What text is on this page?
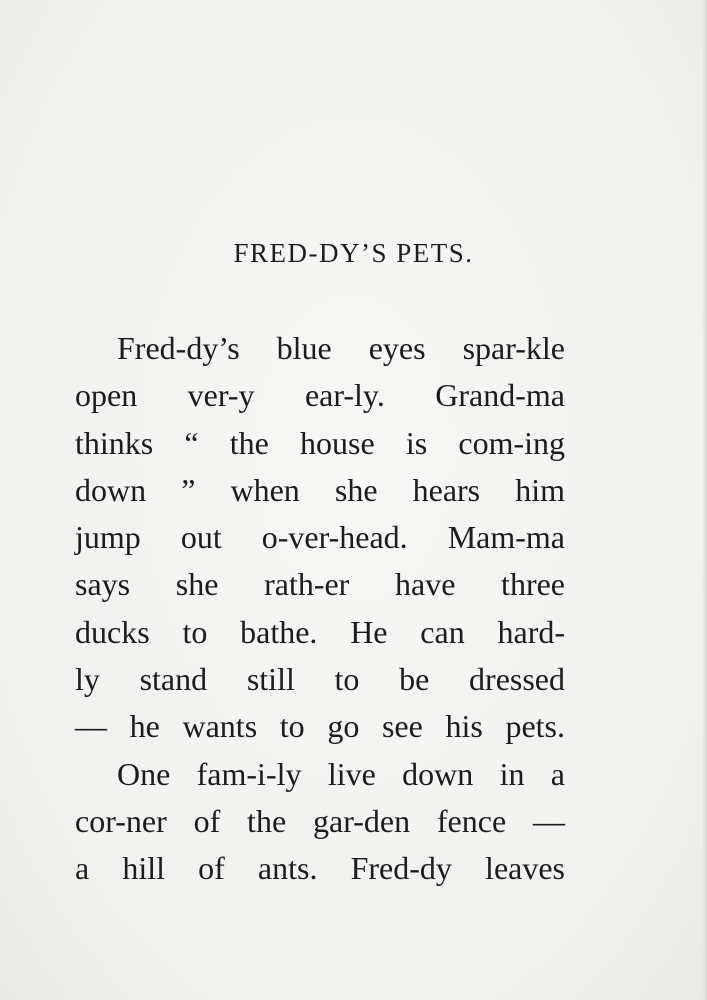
FRED-DY’S PETS.
Fred-dy’s blue eyes spar-kle
open ver-y ear-ly. Grand-ma
thinks “ the house is com-ing
down ” when she hears him
jump out o-ver-head. Mam-ma
says she rath-er have three
ducks to bathe. He can hard-
ly stand still to be dressed
— he wants to go see his pets.
One fam-i-ly live down in a
cor-ner of the gar-den fence —
a hill of ants. Fred-dy leaves
